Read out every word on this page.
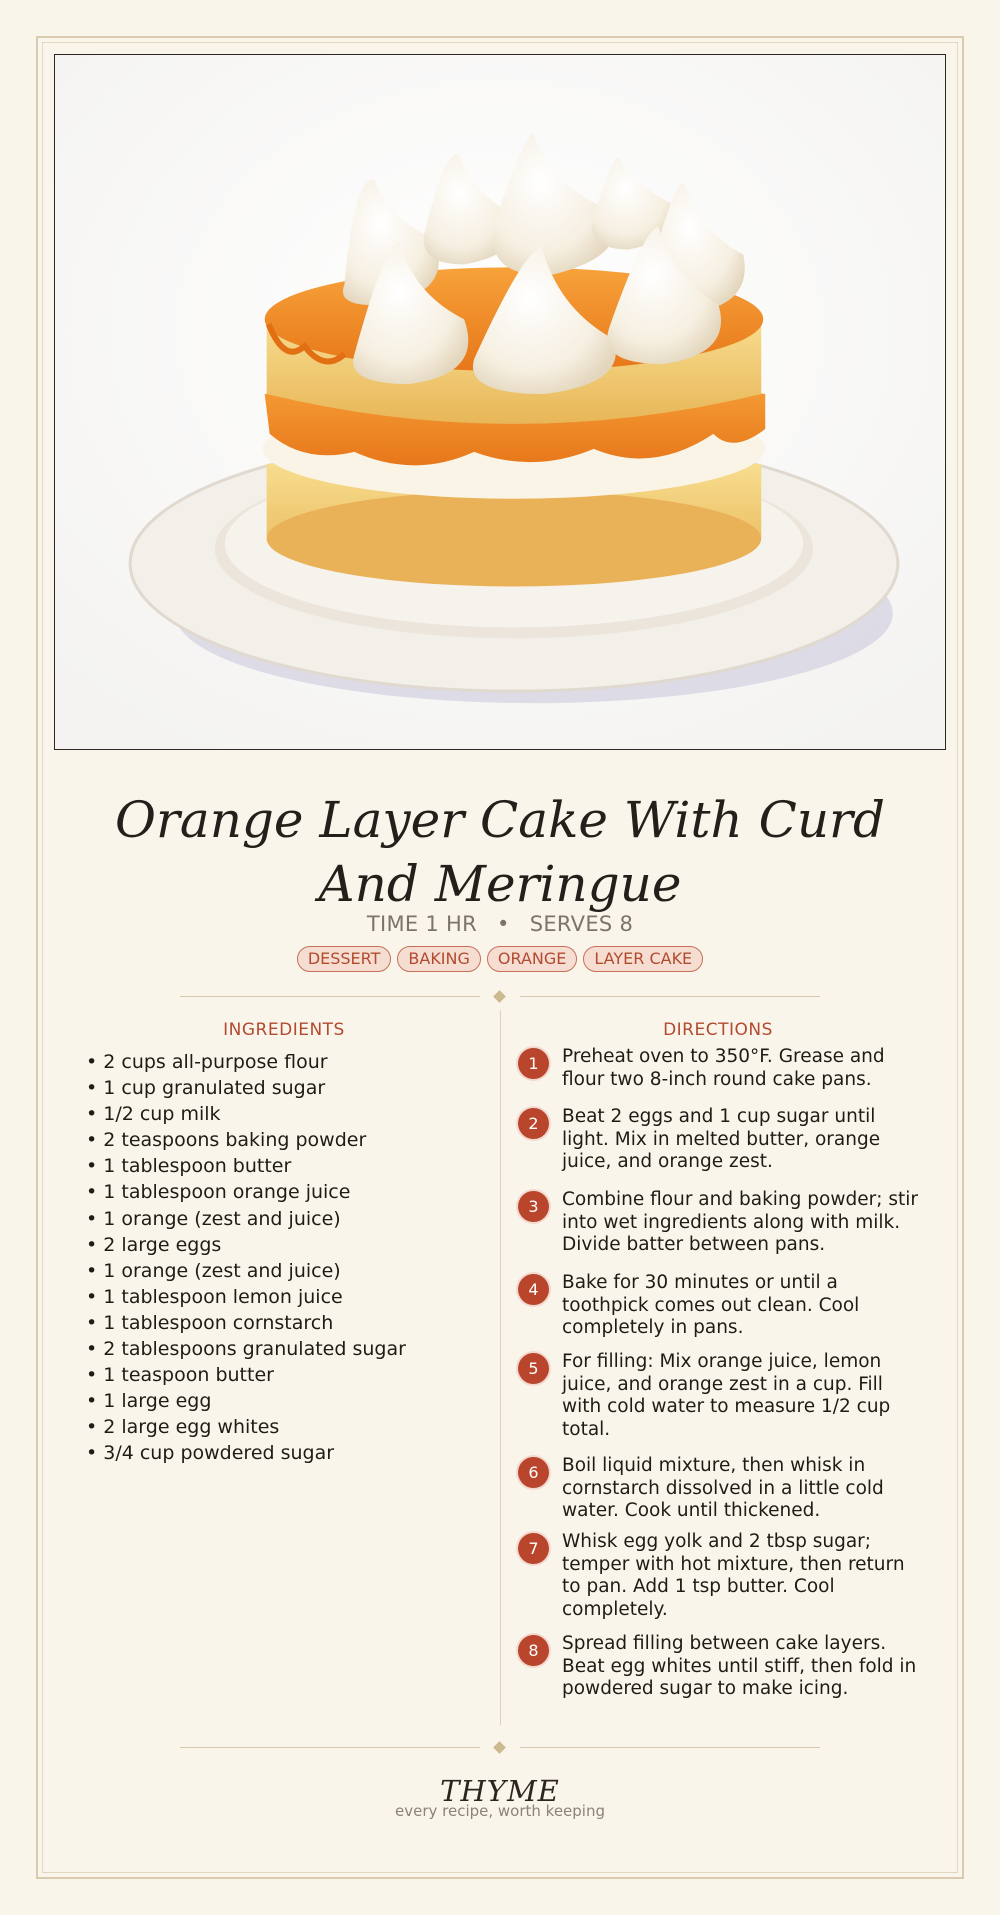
Orange Layer Cake With Curd And Meringue
TIME 1 HR • SERVES 8
DESSERT BAKING ORANGE LAYER CAKE
INGREDIENTS	DIRECTIONS
• 2 cups all-purpose flour
• 1 cup granulated sugar
• 1/2 cup milk
• 2 teaspoons baking powder
• 1 tablespoon butter
• 1 tablespoon orange juice
• 1 orange (zest and juice)
• 2 large eggs
• 1 orange (zest and juice)
• 1 tablespoon lemon juice
• 1 tablespoon cornstarch
• 2 tablespoons granulated sugar
• 1 teaspoon butter
• 1 large egg
• 2 large egg whites
• 3/4 cup powdered sugar
1	Preheat oven to 350°F. Grease and flour two 8-inch round cake pans.
2	Beat 2 eggs and 1 cup sugar until light. Mix in melted butter, orange juice, and orange zest.
3	Combine flour and baking powder; stir into wet ingredients along with milk. Divide batter between pans.
4	Bake for 30 minutes or until a toothpick comes out clean. Cool completely in pans.
5	For filling: Mix orange juice, lemon juice, and orange zest in a cup. Fill with cold water to measure 1/2 cup total.
6	Boil liquid mixture, then whisk in cornstarch dissolved in a little cold water. Cook until thickened.
7	Whisk egg yolk and 2 tbsp sugar; temper with hot mixture, then return to pan. Add 1 tsp butter. Cool completely.
8	Spread filling between cake layers. Beat egg whites until stiff, then fold in powdered sugar to make icing.
THYME
every recipe, worth keeping
